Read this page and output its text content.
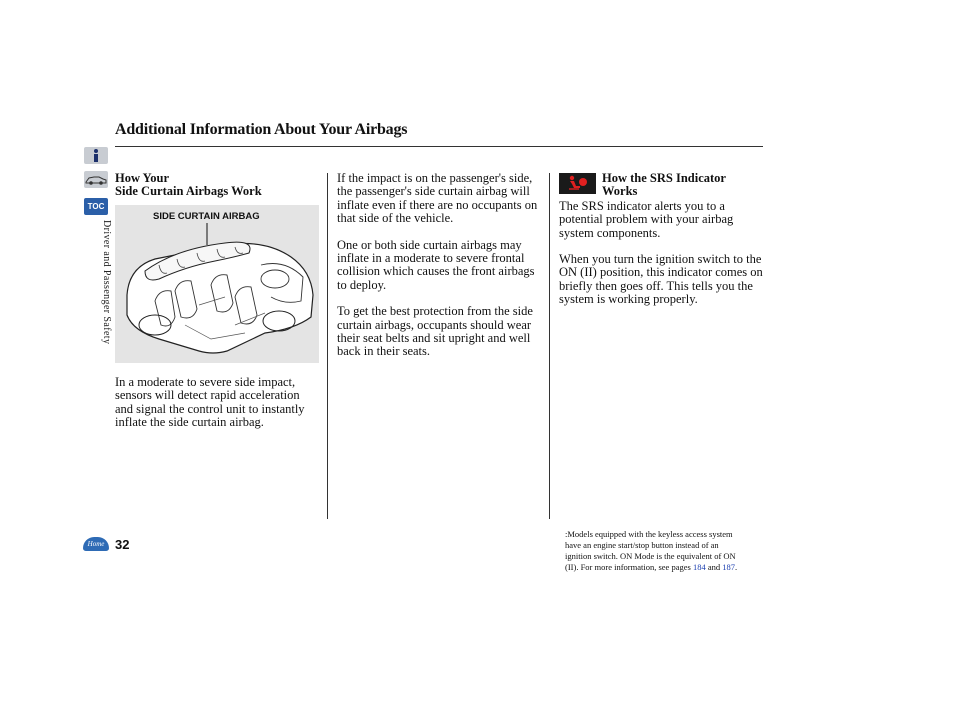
Additional Information About Your Airbags
TOC
Driver and Passenger Safety

How Your
Side Curtain Airbags Work

SIDE CURTAIN AIRBAG

In a moderate to severe side impact, sensors will detect rapid acceleration and signal the control unit to instantly inflate the side curtain airbag.

If the impact is on the passenger's side, the passenger's side curtain airbag will inflate even if there are no occupants on that side of the vehicle.

One or both side curtain airbags may inflate in a moderate to severe frontal collision which causes the front airbags to deploy.

To get the best protection from the side curtain airbags, occupants should wear their seat belts and sit upright and well back in their seats.

How the SRS Indicator Works

The SRS indicator alerts you to a potential problem with your airbag system components.

When you turn the ignition switch to the ON (II) position, this indicator comes on briefly then goes off. This tells you the system is working properly.

Home 32
:Models equipped with the keyless access system have an engine start/stop button instead of an ignition switch. ON Mode is the equivalent of ON (II). For more information, see pages 184 and 187.
